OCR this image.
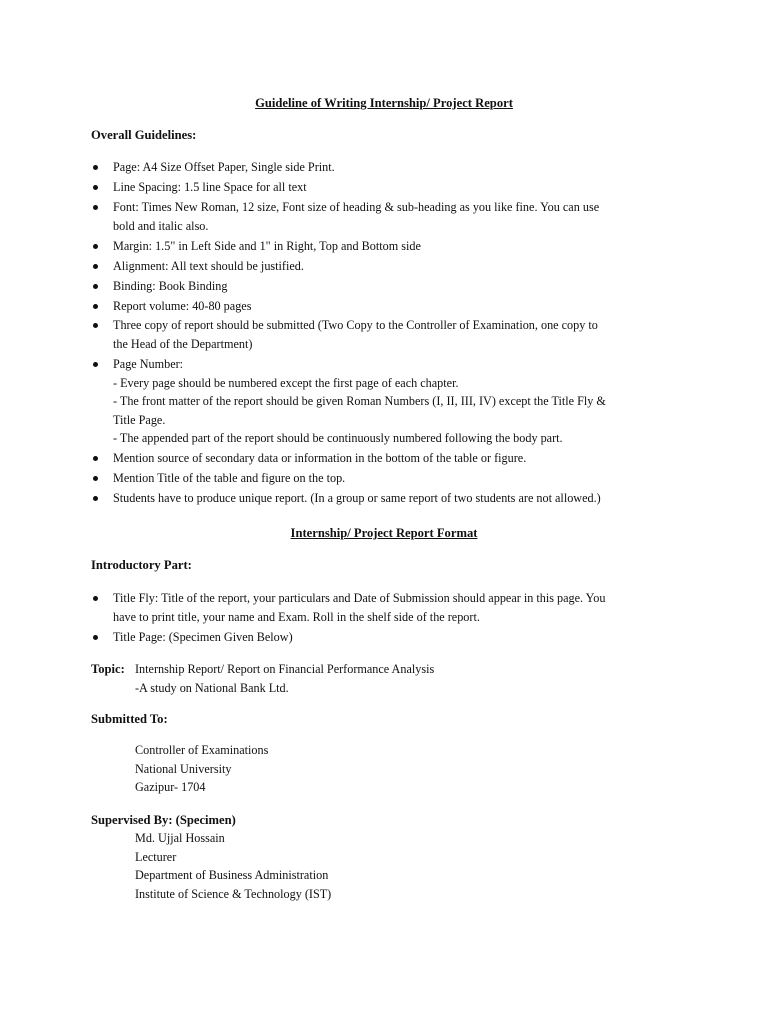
Guideline of Writing Internship/ Project Report
Overall Guidelines:
Page: A4 Size Offset Paper, Single side Print.
Line Spacing: 1.5 line Space for all text
Font: Times New Roman, 12 size, Font size of heading & sub-heading as you like fine. You can use
bold and italic also.
Margin: 1.5" in Left Side and 1" in Right, Top and Bottom side
Alignment: All text should be justified.
Binding: Book Binding
Report volume: 40-80 pages
Three copy of report should be submitted (Two Copy to the Controller of Examination, one copy to
the Head of the Department)
Page Number:
- Every page should be numbered except the first page of each chapter.
- The front matter of the report should be given Roman Numbers (I, II, III, IV) except the Title Fly &
Title Page.
- The appended part of the report should be continuously numbered following the body part.
Mention source of secondary data or information in the bottom of the table or figure.
Mention Title of the table and figure on the top.
Students have to produce unique report. (In a group or same report of two students are not allowed.)
Internship/ Project Report Format
Introductory Part:
Title Fly: Title of the report, your particulars and Date of Submission should appear in this page. You
have to print title, your name and Exam. Roll in the shelf side of the report.
Title Page: (Specimen Given Below)
Topic: Internship Report/ Report on Financial Performance Analysis
-A study on National Bank Ltd.
Submitted To:
Controller of Examinations
National University
Gazipur- 1704
Supervised By: (Specimen)
Md. Ujjal Hossain
Lecturer
Department of Business Administration
Institute of Science & Technology (IST)
